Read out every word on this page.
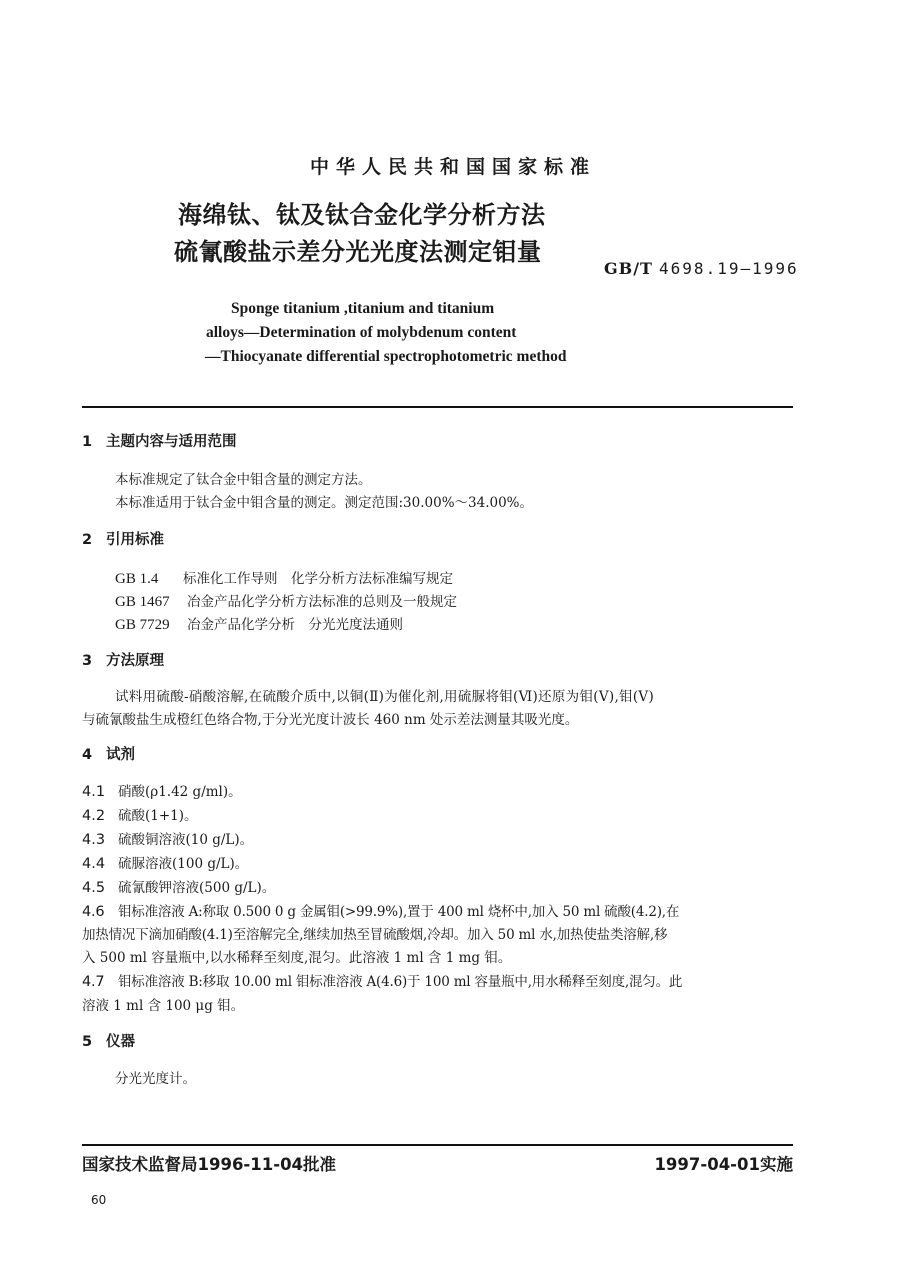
中华人民共和国国家标准
海绵钛、钛及钛合金化学分析方法
硫氰酸盐示差分光光度法测定钼量
GB/T 4698.19—1996
Sponge titanium ,titanium and titanium
alloys—Determination of molybdenum content
—Thiocyanate differential spectrophotometric method
1 主题内容与适用范围
本标准规定了钛合金中钼含量的测定方法。
本标准适用于钛合金中钼含量的测定。测定范围:30.00%～34.00%。
2 引用标准
GB 1.4 标准化工作导则　化学分析方法标准编写规定
GB 1467 冶金产品化学分析方法标准的总则及一般规定
GB 7729 冶金产品化学分析　分光光度法通则
3 方法原理
试料用硫酸-硝酸溶解,在硫酸介质中,以铜(Ⅱ)为催化剂,用硫脲将钼(Ⅵ)还原为钼(Ⅴ),钼(Ⅴ)
与硫氰酸盐生成橙红色络合物,于分光光度计波长 460 nm 处示差法测量其吸光度。
4 试剂
4.1 硝酸(ρ1.42 g/ml)。
4.2 硫酸(1+1)。
4.3 硫酸铜溶液(10 g/L)。
4.4 硫脲溶液(100 g/L)。
4.5 硫氰酸钾溶液(500 g/L)。
4.6 钼标准溶液 A:称取 0.500 0 g 金属钼(>99.9%),置于 400 ml 烧杯中,加入 50 ml 硫酸(4.2),在
加热情况下滴加硝酸(4.1)至溶解完全,继续加热至冒硫酸烟,冷却。加入 50 ml 水,加热使盐类溶解,移
入 500 ml 容量瓶中,以水稀释至刻度,混匀。此溶液 1 ml 含 1 mg 钼。
4.7 钼标准溶液 B:移取 10.00 ml 钼标准溶液 A(4.6)于 100 ml 容量瓶中,用水稀释至刻度,混匀。此
溶液 1 ml 含 100 μg 钼。
5 仪器
分光光度计。
国家技术监督局1996-11-04批准	1997-04-01实施
60
